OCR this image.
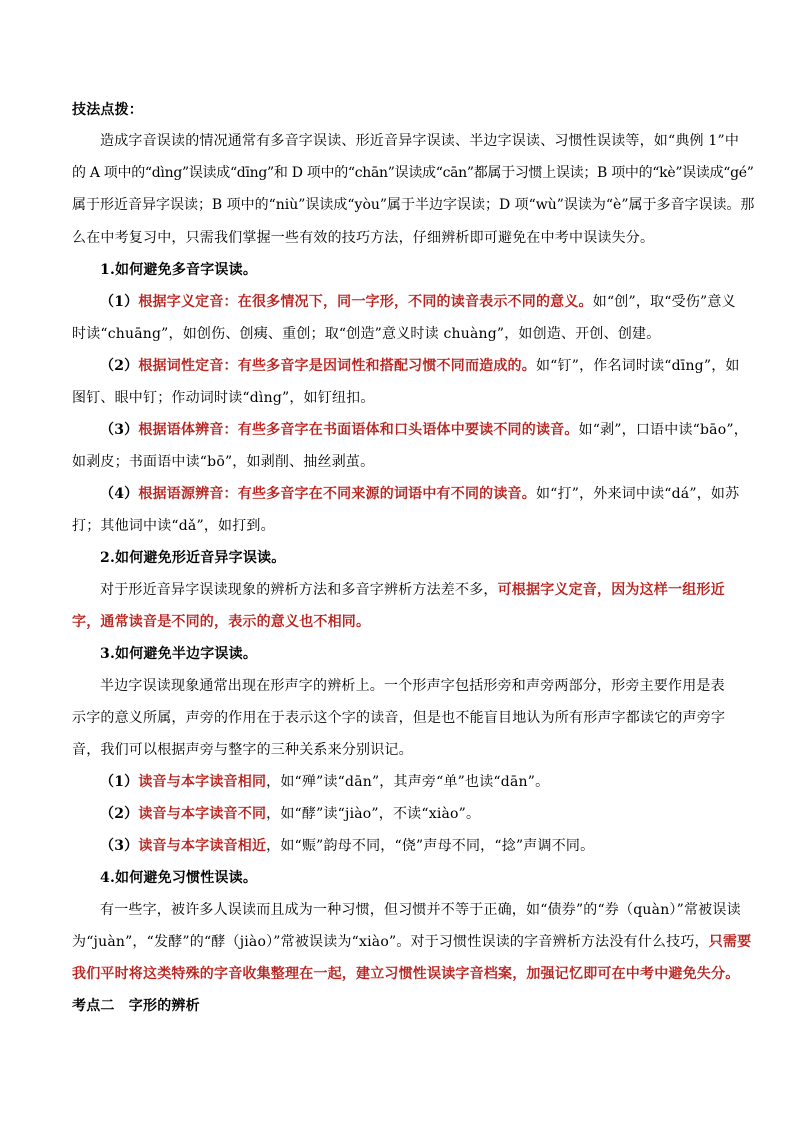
技法点拨：
造成字音误读的情况通常有多音字误读、形近音异字误读、半边字误读、习惯性误读等，如“典例 1”中
的 A 项中的“dìng”误读成“dīng”和 D 项中的“chān”误读成“cān”都属于习惯上误读；B 项中的“kè”误读成“gé”
属于形近音异字误读；B 项中的“niù”误读成“yòu”属于半边字误读；D 项“wù”误读为“è”属于多音字误读。那
么在中考复习中，只需我们掌握一些有效的技巧方法，仔细辨析即可避免在中考中误读失分。
1.如何避免多音字误读。
（1）根据字义定音：在很多情况下，同一字形，不同的读音表示不同的意义。如“创”，取“受伤”意义
时读“chuāng”，如创伤、创痍、重创；取“创造”意义时读 chuàng”，如创造、开创、创建。
（2）根据词性定音：有些多音字是因词性和搭配习惯不同而造成的。如“钉”，作名词时读“dīng”，如
图钉、眼中钉；作动词时读“dìng”，如钉纽扣。
（3）根据语体辨音：有些多音字在书面语体和口头语体中要读不同的读音。如“剥”，口语中读“bāo”，
如剥皮；书面语中读“bō”，如剥削、抽丝剥茧。
（4）根据语源辨音：有些多音字在不同来源的词语中有不同的读音。如“打”，外来词中读“dá”，如苏
打；其他词中读“dǎ”，如打到。
2.如何避免形近音异字误读。
对于形近音异字误读现象的辨析方法和多音字辨析方法差不多，可根据字义定音，因为这样一组形近
字，通常读音是不同的，表示的意义也不相同。
3.如何避免半边字误读。
半边字误读现象通常出现在形声字的辨析上。一个形声字包括形旁和声旁两部分，形旁主要作用是表
示字的意义所属，声旁的作用在于表示这个字的读音，但是也不能盲目地认为所有形声字都读它的声旁字
音，我们可以根据声旁与整字的三种关系来分别识记。
（1）读音与本字读音相同，如“殚”读“dān”，其声旁“单”也读“dān”。
（2）读音与本字读音不同，如“酵”读“jiào”，不读“xiào”。
（3）读音与本字读音相近，如“赈”韵母不同，“侥”声母不同，“捻”声调不同。
4.如何避免习惯性误读。
有一些字，被许多人误读而且成为一种习惯，但习惯并不等于正确，如“债券”的“券（quàn）”常被误读
为“juàn”，“发酵”的“酵（jiào）”常被误读为“xiào”。对于习惯性误读的字音辨析方法没有什么技巧，只需要
我们平时将这类特殊的字音收集整理在一起，建立习惯性误读字音档案，加强记忆即可在中考中避免失分。
考点二　字形的辨析
